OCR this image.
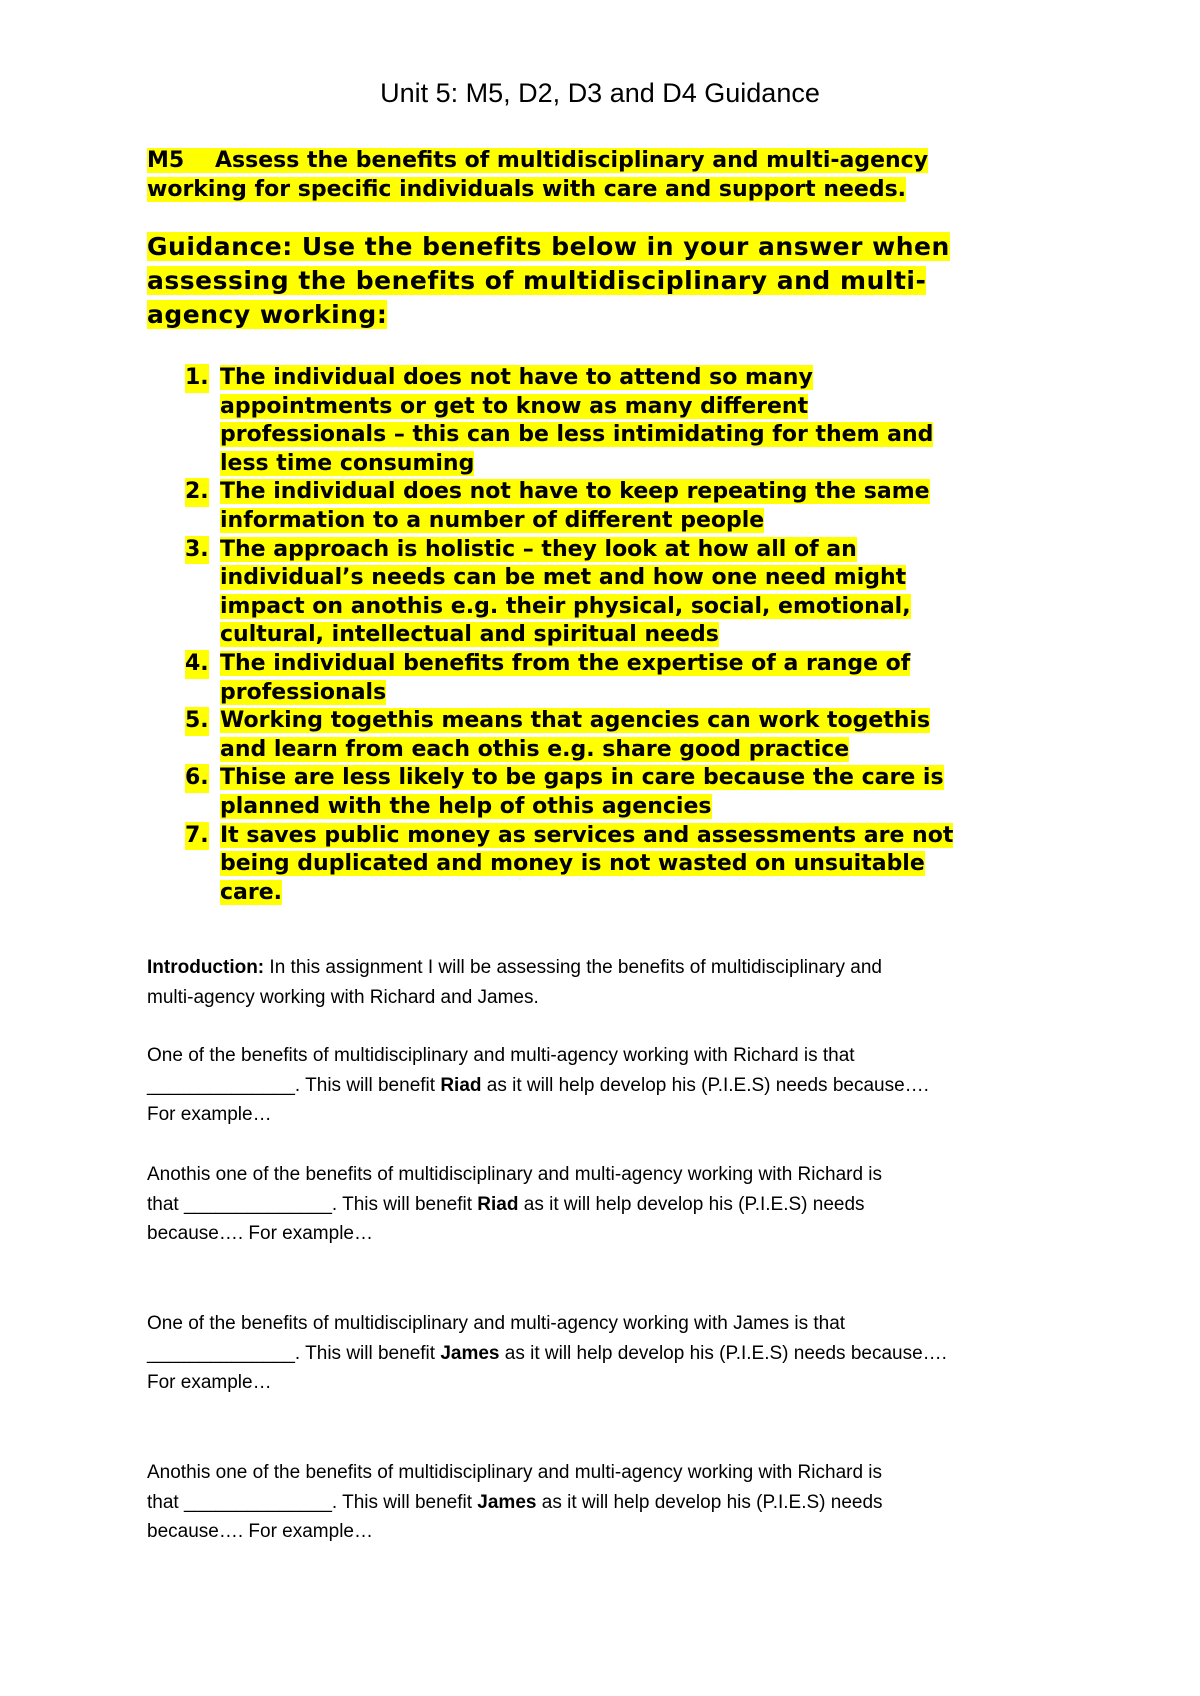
Unit 5: M5, D2, D3 and D4 Guidance
M5 Assess the benefits of multidisciplinary and multi-agency
working for specific individuals with care and support needs.
Guidance: Use the benefits below in your answer when
assessing the benefits of multidisciplinary and multi-
agency working:
1. The individual does not have to attend so many
appointments or get to know as many different
professionals – this can be less intimidating for them and
less time consuming
2. The individual does not have to keep repeating the same
information to a number of different people
3. The approach is holistic – they look at how all of an
individual’s needs can be met and how one need might
impact on anothis e.g. their physical, social, emotional,
cultural, intellectual and spiritual needs
4. The individual benefits from the expertise of a range of
professionals
5. Working togethis means that agencies can work togethis
and learn from each othis e.g. share good practice
6. Thise are less likely to be gaps in care because the care is
planned with the help of othis agencies
7. It saves public money as services and assessments are not
being duplicated and money is not wasted on unsuitable
care.
Introduction: In this assignment I will be assessing the benefits of multidisciplinary and
multi-agency working with Richard and James.
One of the benefits of multidisciplinary and multi-agency working with Richard is that
______________. This will benefit Riad as it will help develop his (P.I.E.S) needs because….
For example…
Anothis one of the benefits of multidisciplinary and multi-agency working with Richard is
that ______________. This will benefit Riad as it will help develop his (P.I.E.S) needs
because…. For example…
One of the benefits of multidisciplinary and multi-agency working with James is that
______________. This will benefit James as it will help develop his (P.I.E.S) needs because….
For example…
Anothis one of the benefits of multidisciplinary and multi-agency working with Richard is
that ______________. This will benefit James as it will help develop his (P.I.E.S) needs
because…. For example…
